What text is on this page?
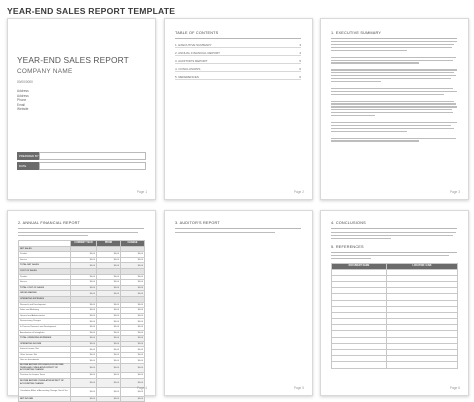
YEAR-END SALES REPORT TEMPLATE
YEAR-END SALES REPORT
COMPANY NAME
00/00/0000
Address
Address
Phone
Email
Website
PREPARED BY
DATE
Page 1
TABLE OF CONTENTS
1. EXECUTIVE SUMMARY	3
2. ANNUAL FINANCIAL REPORT	4
3. AUDITOR'S REPORT	5
4. CONCLUSIONS	6
5. REFERENCES	6
Page 2
1. EXECUTIVE SUMMARY
Page 3
2. ANNUAL FINANCIAL REPORT
	CURRENT YEAR	PRIOR	CHANGE
NET SALES			
Product	$0.00	$0.00	$0.00
Service	$0.00	$0.00	$0.00
TOTAL NET SALES	$0.00	$0.00	$0.00
COST OF SALES			
Product	$0.00	$0.00	$0.00
Service	$0.00	$0.00	$0.00
TOTAL COST OF SALES	$0.00	$0.00	$0.00
GROSS MARGIN	$0.00	$0.00	$0.00
OPERATING EXPENSES			
Research and Development	$0.00	$0.00	$0.00
Sales and Marketing	$0.00	$0.00	$0.00
General and Administrative	$0.00	$0.00	$0.00
Restructuring Charges	$0.00	$0.00	$0.00
In Process Research and Development	$0.00	$0.00	$0.00
Amortization of Intangibles	$0.00	$0.00	$0.00
TOTAL OPERATING EXPENSES	$0.00	$0.00	$0.00
OPERATING INCOME	$0.00	$0.00	$0.00
Interest Income, Net	$0.00	$0.00	$0.00
Other Income, Net	$0.00	$0.00	$0.00
Gain on Investments	$0.00	$0.00	$0.00
INCOME BEFORE PROVISION FOR INCOME TAXES AND CUMULATIVE EFFECT OF ACCOUNTING CHANGE	$0.00	$0.00	$0.00
Provision for Income Taxes	$0.00	$0.00	$0.00
INCOME BEFORE CUMULATIVE EFFECT OF ACCOUNTING CHANGE	$0.00	$0.00	$0.00
Cumulative Effect of Accounting Change, Net of Tax	$0.00	$0.00	$0.00
NET INCOME	$0.00	$0.00	$0.00
Page 4
3. AUDITOR'S REPORT
Page 5
4. CONCLUSIONS
5. REFERENCES
DOCUMENT NAME	LOCATION / LINK

Page 6
